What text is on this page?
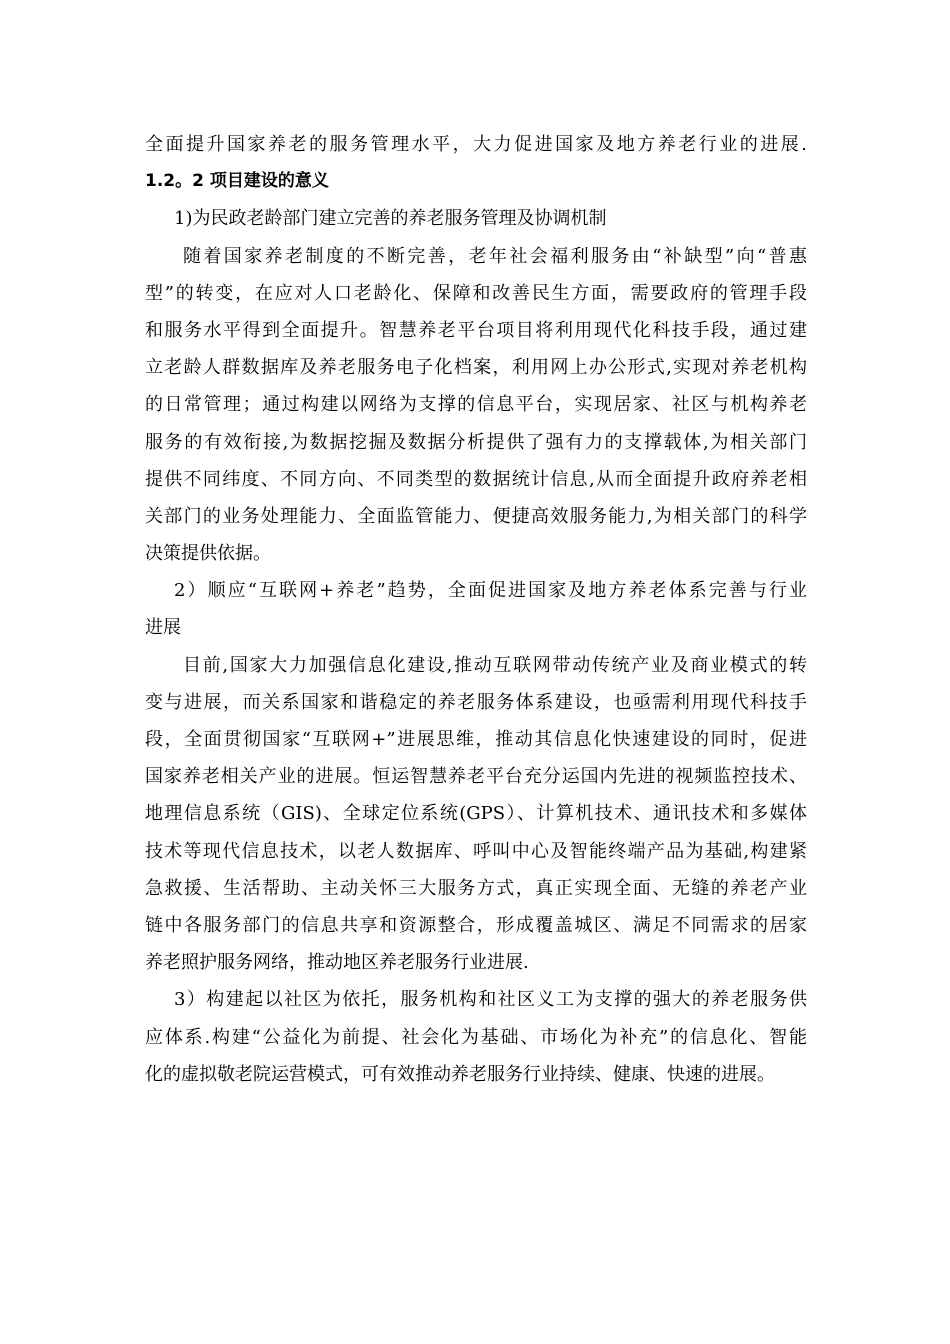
全面提升国家养老的服务管理水平，大力促进国家及地方养老行业的进展.
1.2。2 项目建设的意义
1)为民政老龄部门建立完善的养老服务管理及协调机制
随着国家养老制度的不断完善，老年社会福利服务由“补缺型”向“普惠
型”的转变，在应对人口老龄化、保障和改善民生方面，需要政府的管理手段
和服务水平得到全面提升。智慧养老平台项目将利用现代化科技手段，通过建
立老龄人群数据库及养老服务电子化档案，利用网上办公形式,实现对养老机构
的日常管理；通过构建以网络为支撑的信息平台，实现居家、社区与机构养老
服务的有效衔接,为数据挖掘及数据分析提供了强有力的支撑载体,为相关部门
提供不同纬度、不同方向、不同类型的数据统计信息,从而全面提升政府养老相
关部门的业务处理能力、全面监管能力、便捷高效服务能力,为相关部门的科学
决策提供依据。
2）顺应“互联网+养老”趋势，全面促进国家及地方养老体系完善与行业
进展
目前,国家大力加强信息化建设,推动互联网带动传统产业及商业模式的转
变与进展，而关系国家和谐稳定的养老服务体系建设，也亟需利用现代科技手
段，全面贯彻国家“互联网+”进展思维，推动其信息化快速建设的同时，促进
国家养老相关产业的进展。恒运智慧养老平台充分运国内先进的视频监控技术、
地理信息系统（GIS)、全球定位系统(GPS）、计算机技术、通讯技术和多媒体
技术等现代信息技术，以老人数据库、呼叫中心及智能终端产品为基础,构建紧
急救援、生活帮助、主动关怀三大服务方式，真正实现全面、无缝的养老产业
链中各服务部门的信息共享和资源整合，形成覆盖城区、满足不同需求的居家
养老照护服务网络，推动地区养老服务行业进展.
3）构建起以社区为依托，服务机构和社区义工为支撑的强大的养老服务供
应体系.构建“公益化为前提、社会化为基础、市场化为补充”的信息化、智能
化的虚拟敬老院运营模式，可有效推动养老服务行业持续、健康、快速的进展。
